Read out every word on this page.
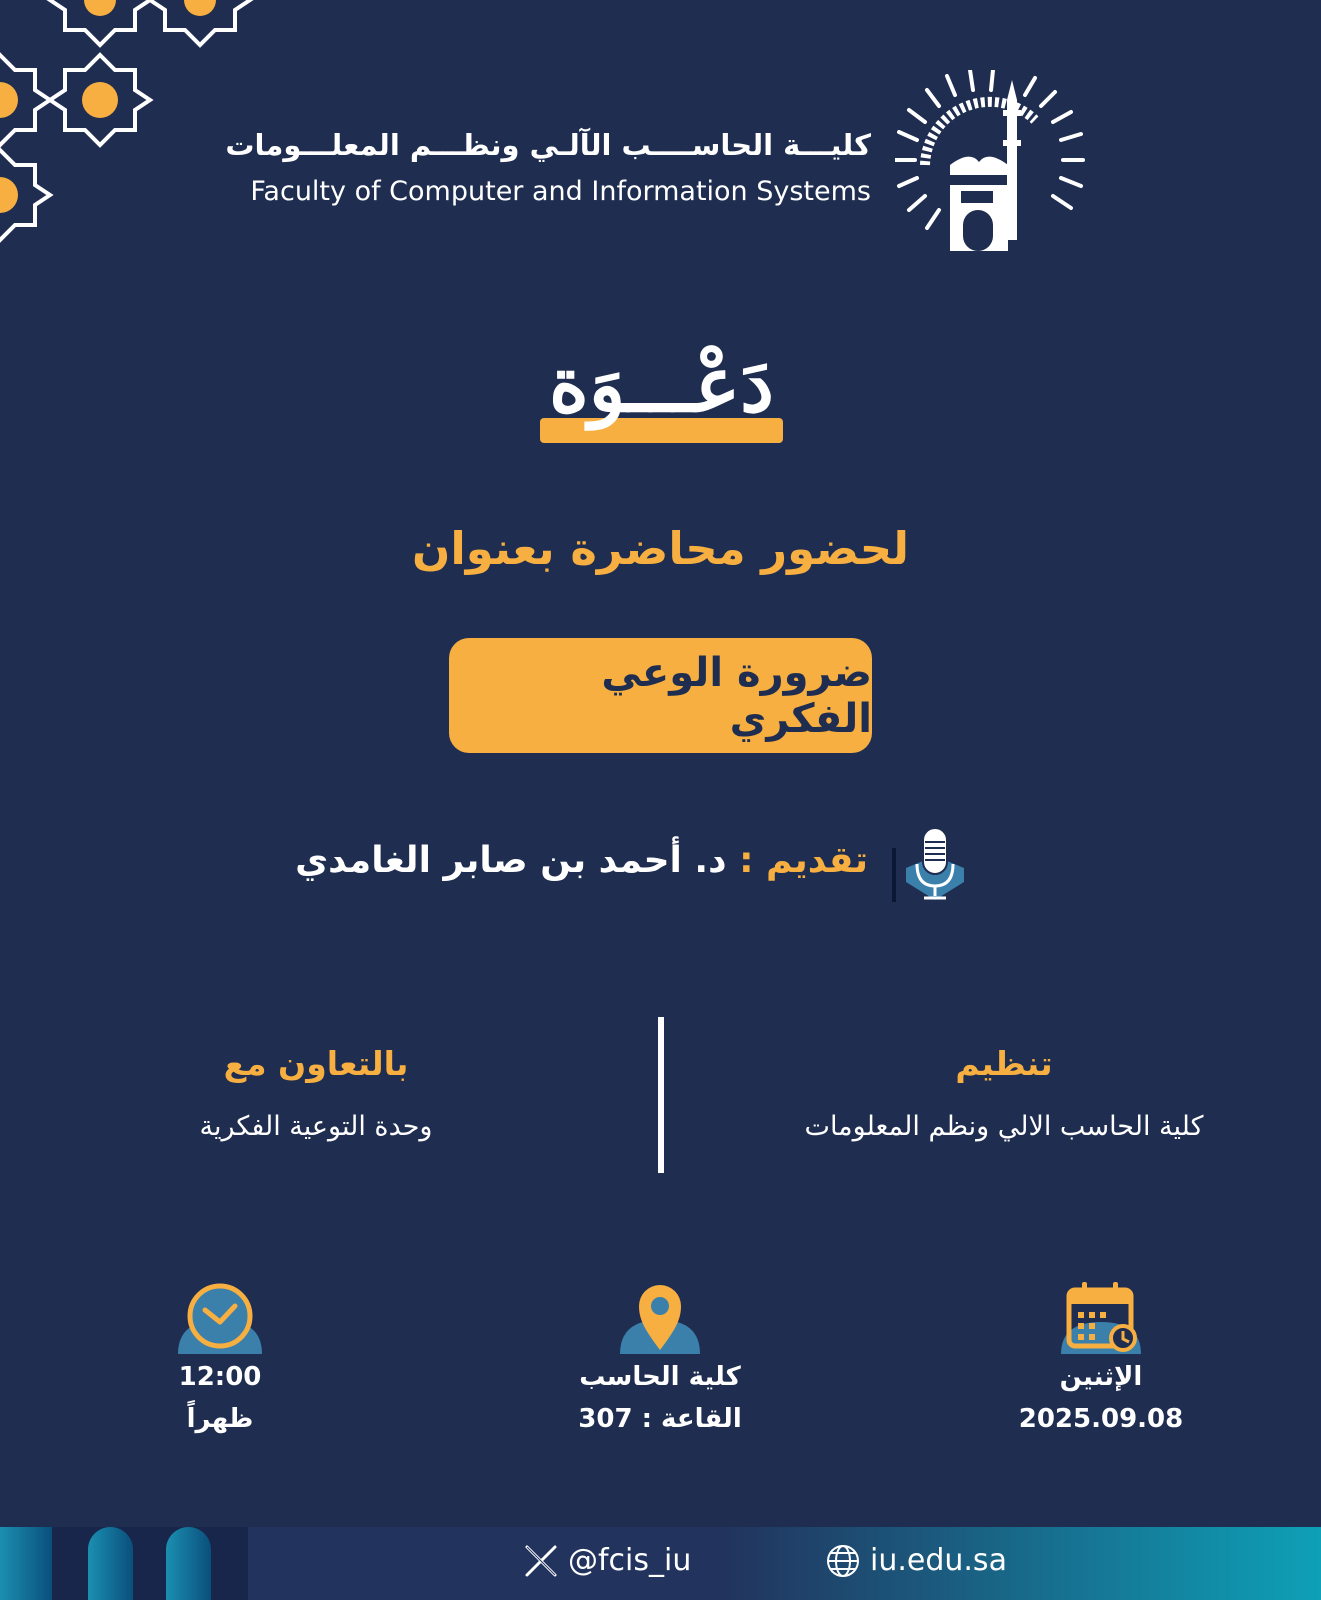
كليـــة الحاســــب الآلـي ونظـــم المعلـــومات
Faculty of Computer and Information Systems
دَعْـــوَة
لحضور محاضرة بعنوان
ضرورة الوعي الفكري
تقديم : د. أحمد بن صابر الغامدي
تنظيم
كلية الحاسب الالي ونظم المعلومات
بالتعاون مع
وحدة التوعية الفكرية
الإثنين
2025.09.08
كلية الحاسب
القاعة : 307
12:00
ظهراً
@fcis_iu	iu.edu.sa
